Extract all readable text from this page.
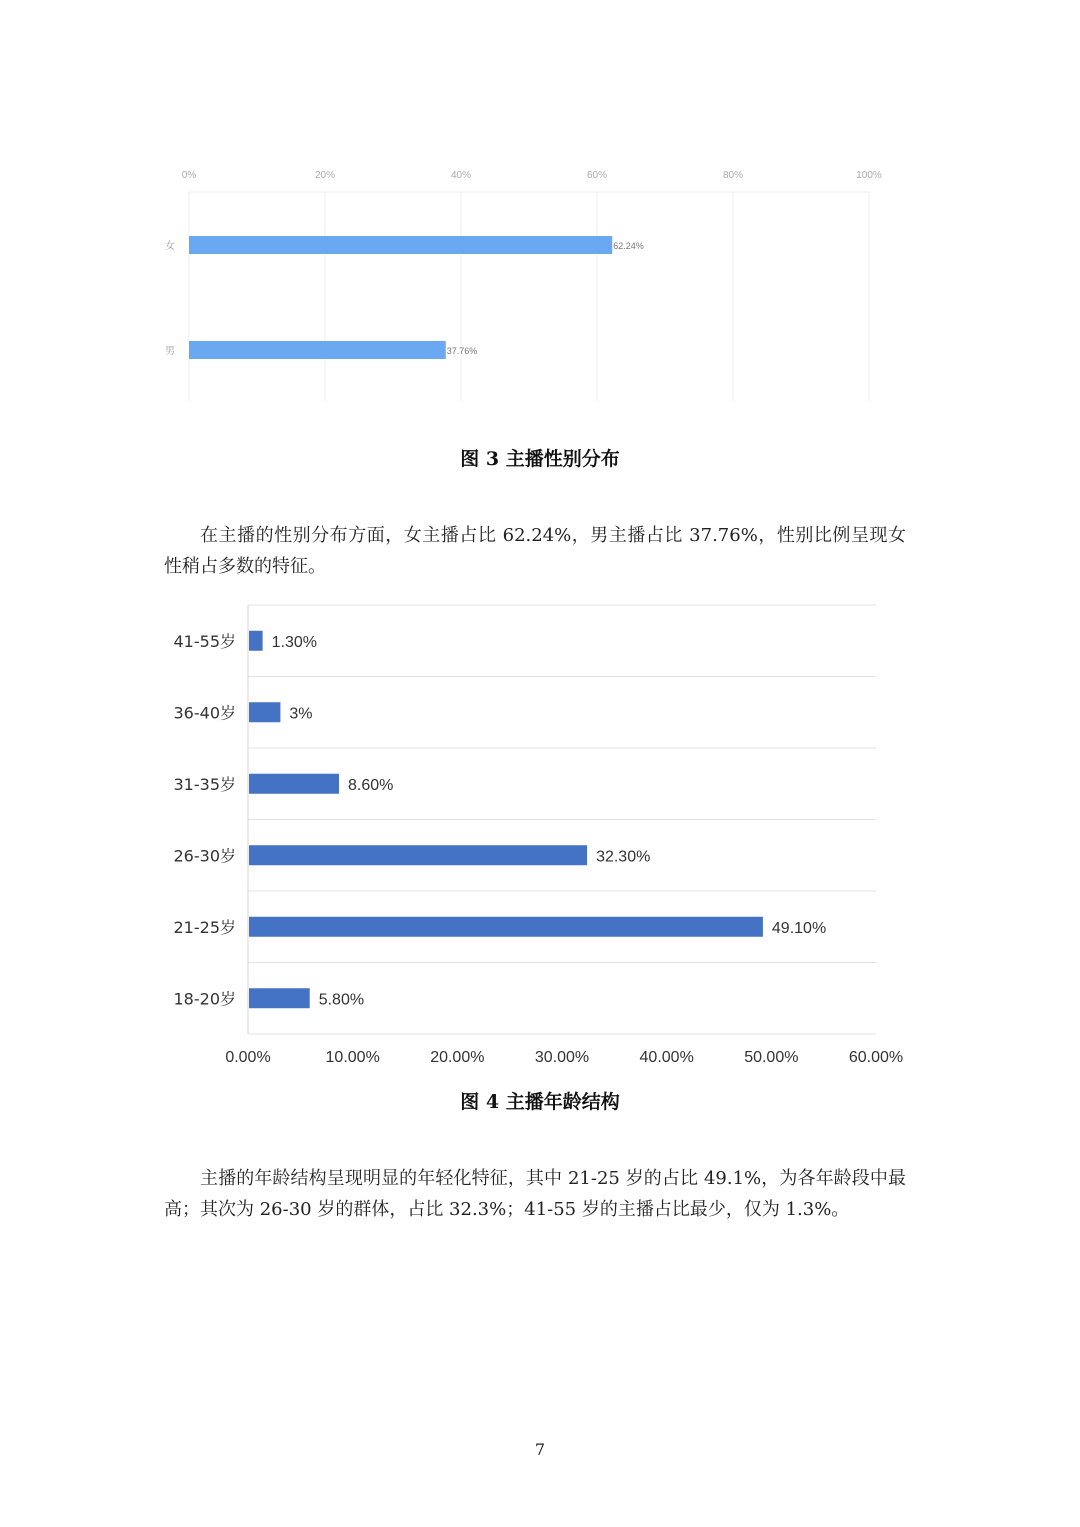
0%	20%	40%	60%	80%	100%
女	62.24%
男	37.76%
图 3 主播性别分布

在主播的性别分布方面，女主播占比 62.24%，男主播占比 37.76%，性别比例呈现女性稍占多数的特征。

41-55岁 1.30%
36-40岁	3%
31-35岁	8.60%
26-30岁	32.30%
21-25岁	49.10%
18-20岁	5.80%
0.00%	10.00%	20.00%	30.00%	40.00%	50.00%	60.00%
图 4 主播年龄结构

主播的年龄结构呈现明显的年轻化特征，其中 21-25 岁的占比 49.1%，为各年龄段中最高；其次为 26-30 岁的群体，占比 32.3%；41-55 岁的主播占比最少，仅为 1.3%。

7
